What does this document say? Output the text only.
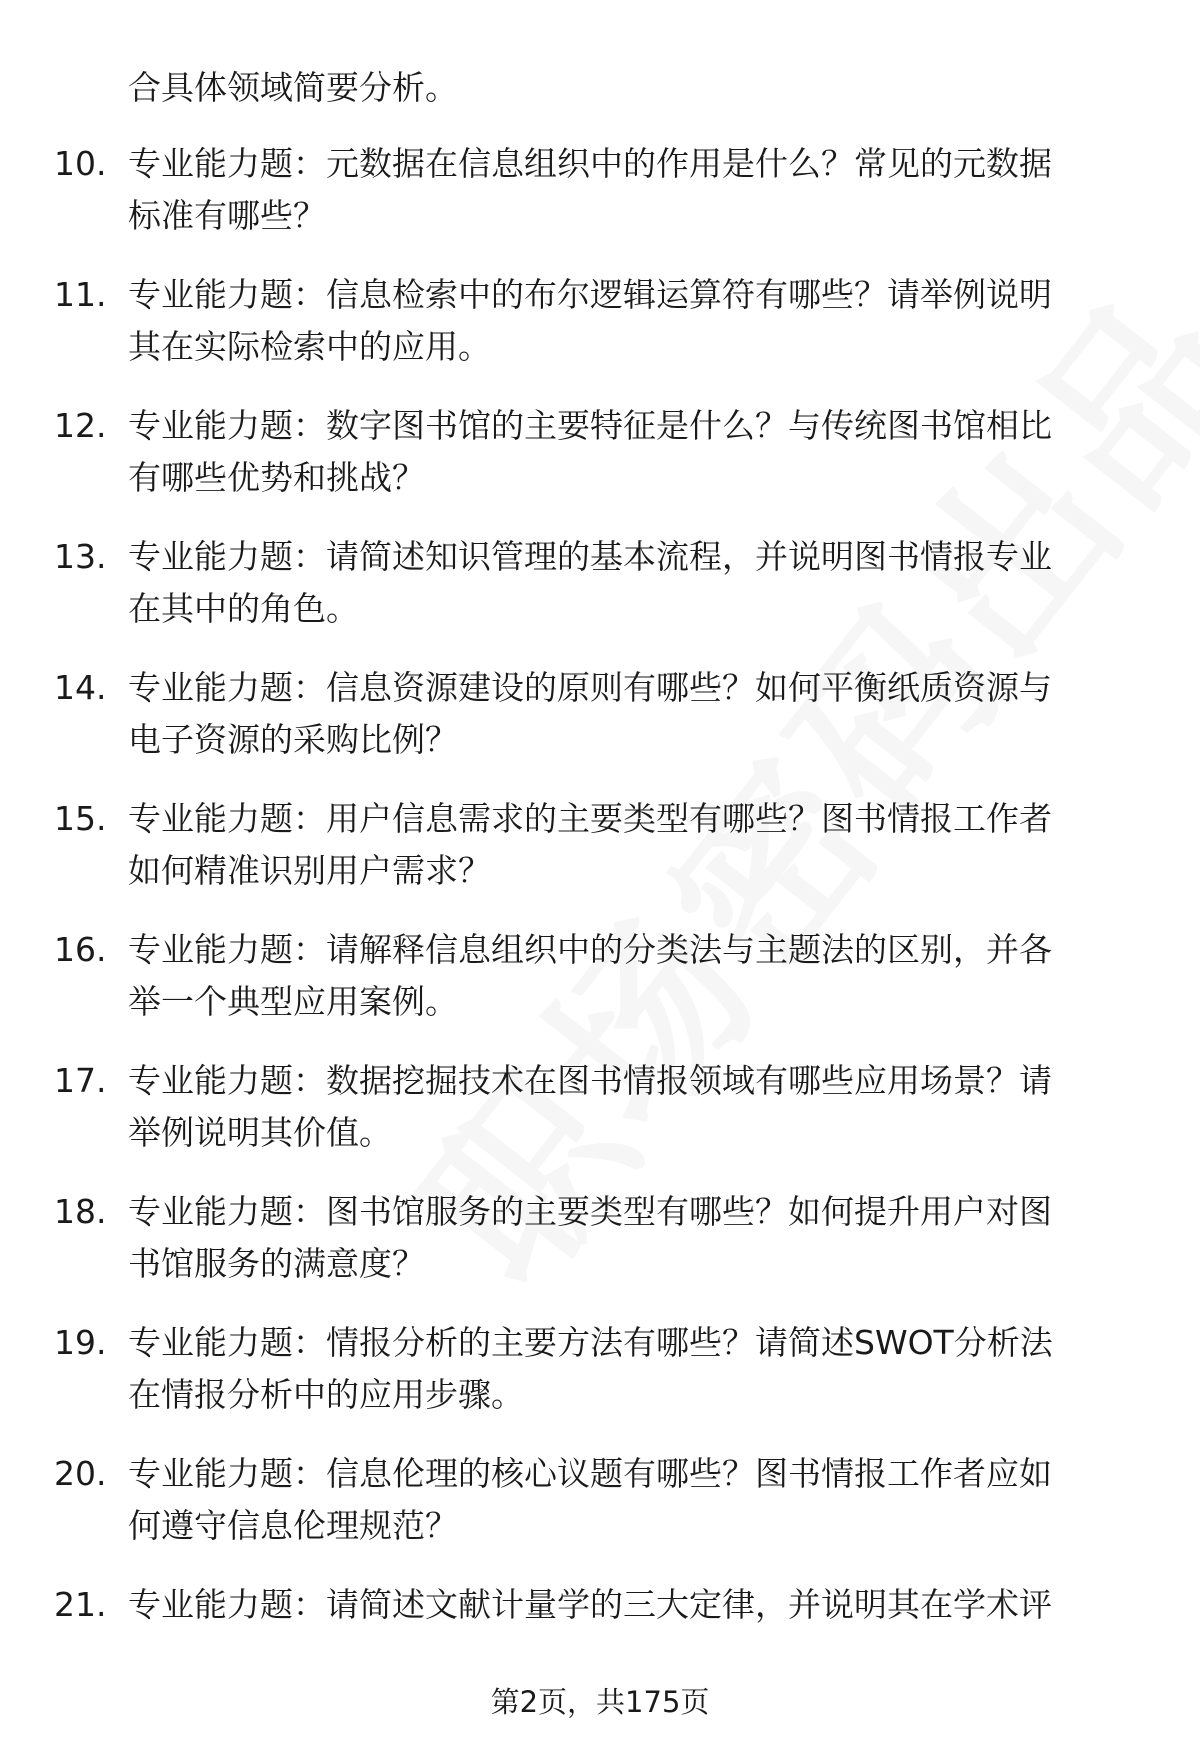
合具体领域简要分析。
10. 专业能力题：元数据在信息组织中的作用是什么？常见的元数据
标准有哪些？
11. 专业能力题：信息检索中的布尔逻辑运算符有哪些？请举例说明
其在实际检索中的应用。
12. 专业能力题：数字图书馆的主要特征是什么？与传统图书馆相比
有哪些优势和挑战？
13. 专业能力题：请简述知识管理的基本流程，并说明图书情报专业
在其中的角色。
14. 专业能力题：信息资源建设的原则有哪些？如何平衡纸质资源与
电子资源的采购比例？
15. 专业能力题：用户信息需求的主要类型有哪些？图书情报工作者
如何精准识别用户需求？
16. 专业能力题：请解释信息组织中的分类法与主题法的区别，并各
举一个典型应用案例。
17. 专业能力题：数据挖掘技术在图书情报领域有哪些应用场景？请
举例说明其价值。
18. 专业能力题：图书馆服务的主要类型有哪些？如何提升用户对图
书馆服务的满意度？
19. 专业能力题：情报分析的主要方法有哪些？请简述SWOT分析法
在情报分析中的应用步骤。
20. 专业能力题：信息伦理的核心议题有哪些？图书情报工作者应如
何遵守信息伦理规范？
21. 专业能力题：请简述文献计量学的三大定律，并说明其在学术评
第2页，共175页
